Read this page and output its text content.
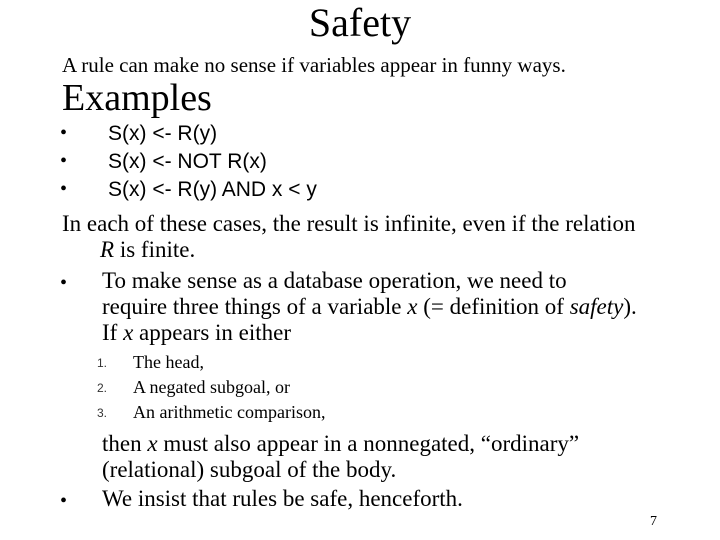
Safety
A rule can make no sense if variables appear in funny ways.
Examples
• S(x) <- R(y)
• S(x) <- NOT R(x)
• S(x) <- R(y) AND x < y
In each of these cases, the result is infinite, even if the relation
R is finite.
• To make sense as a database operation, we need to
require three things of a variable x (= definition of safety).
If x appears in either
1. The head,
2. A negated subgoal, or
3. An arithmetic comparison,
then x must also appear in a nonnegated, “ordinary”
(relational) subgoal of the body.
• We insist that rules be safe, henceforth.
7
